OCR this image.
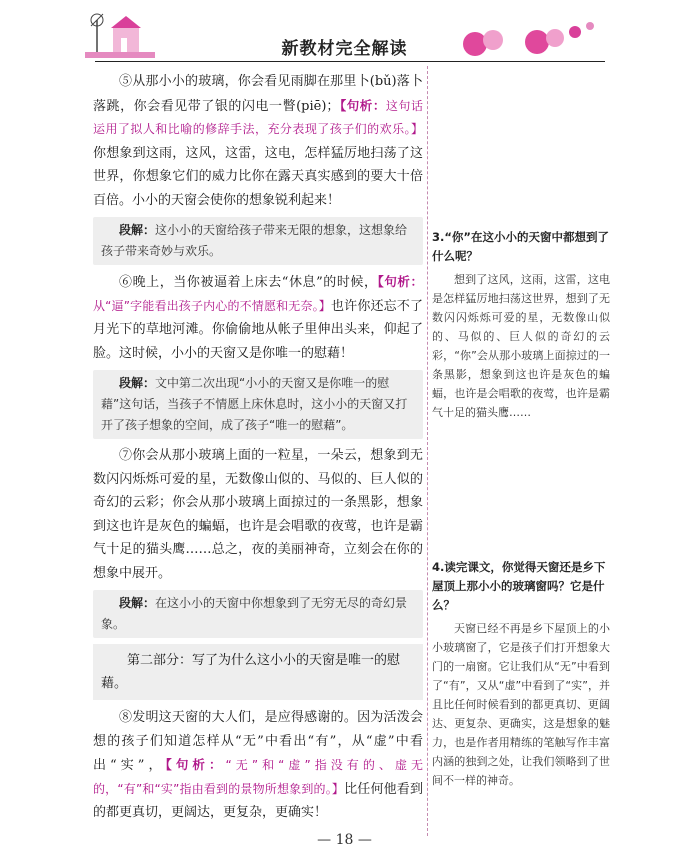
新教材完全解读

⑤从那小小的玻璃，你会看见雨脚在那里卜(bǔ)落卜落跳，你会看见带了银的闪电一瞥(piē)；【句析：这句话运用了拟人和比喻的修辞手法，充分表现了孩子们的欢乐。】你想象到这雨，这风，这雷，这电，怎样猛厉地扫荡了这世界，你想象它们的威力比你在露天真实感到的要大十倍百倍。小小的天窗会使你的想象锐利起来！

段解：这小小的天窗给孩子带来无限的想象，这想象给孩子带来奇妙与欢乐。

⑥晚上，当你被逼着上床去“休息”的时候，【句析：从“逼”字能看出孩子内心的不情愿和无奈。】也许你还忘不了月光下的草地河滩。你偷偷地从帐子里伸出头来，仰起了脸。这时候，小小的天窗又是你唯一的慰藉！

段解：文中第二次出现“小小的天窗又是你唯一的慰藉”这句话，当孩子不情愿上床休息时，这小小的天窗又打开了孩子想象的空间，成了孩子“唯一的慰藉”。

⑦你会从那小玻璃上面的一粒星，一朵云，想象到无数闪闪烁烁可爱的星，无数像山似的、马似的、巨人似的奇幻的云彩；你会从那小玻璃上面掠过的一条黑影，想象到这也许是灰色的蝙蝠，也许是会唱歌的夜莺，也许是霸气十足的猫头鹰……总之，夜的美丽神奇，立刻会在你的想象中展开。

段解：在这小小的天窗中你想象到了无穷无尽的奇幻景象。
第二部分：写了为什么这小小的天窗是唯一的慰藉。

⑧发明这天窗的大人们，是应得感谢的。因为活泼会想的孩子们知道怎样从“无”中看出“有”，从“虚”中看出“实”，【句析：“无”和“虚”指没有的、虚无的，“有”和“实”指由看到的景物所想象到的。】比任何他看到的都更真切，更阔达，更复杂，更确实！

3.“你”在这小小的天窗中都想到了什么呢？

想到了这风，这雨，这雷，这电是怎样猛厉地扫荡这世界，想到了无数闪闪烁烁可爱的星，无数像山似的、马似的、巨人似的奇幻的云彩，“你”会从那小玻璃上面掠过的一条黑影，想象到这也许是灰色的蝙蝠，也许是会唱歌的夜莺，也许是霸气十足的猫头鹰……

4.读完课文，你觉得天窗还是乡下屋顶上那小小的玻璃窗吗？它是什么？

天窗已经不再是乡下屋顶上的小小玻璃窗了，它是孩子们打开想象大门的一扇窗。它让我们从“无”中看到了“有”，又从“虚”中看到了“实”，并且比任何时候看到的都更真切、更阔达、更复杂、更确实，这是想象的魅力，也是作者用精练的笔触写作丰富内涵的独到之处，让我们领略到了世间不一样的神奇。

— 18 —
